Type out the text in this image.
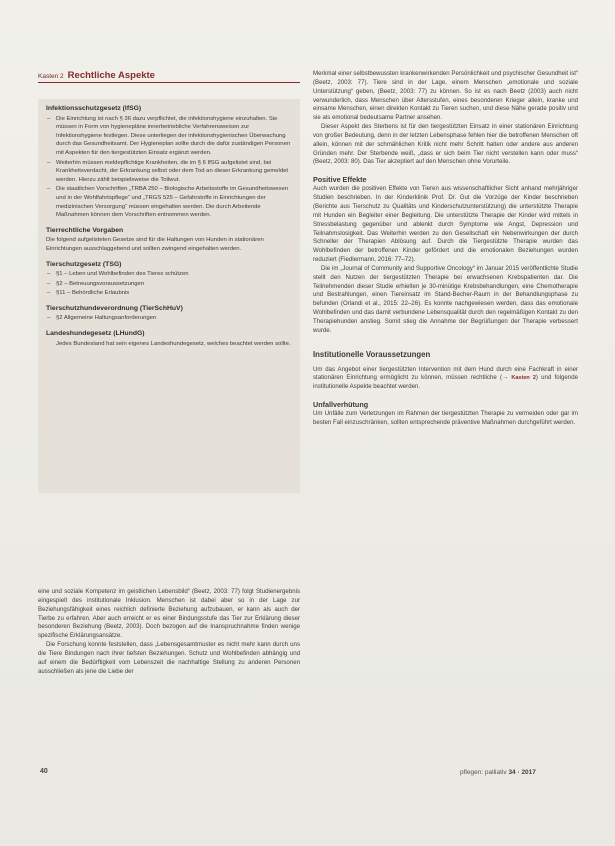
Kasten 2 Rechtliche Aspekte
Infektionsschutzgesetz (IfSG)
– Die Einrichtung ist nach § 36 dazu verpflichtet, die infektionshygiene einzuhalten. Sie müssen in Form von hygienepläne innerbetriebliche Verfahrensweisen zur Infektionshygiene festlegen. Diese unterliegen der infektionshygienischen Überwachung durch das Gesundheitsamt. Der Hygieneplan sollte durch die dafür zuständigen Personen mit Aspekten für den tiergestützten Einsatz ergänzt werden.
– Weiterhin müssen meldepflichtige Krankheiten, die im § 6 IfSG aufgelistet sind, bei Krankheitsverdacht, der Erkrankung selbst oder dem Tod an dieser Erkrankung gemeldet werden. Hierzu zählt beispielsweise die Tollwut.
– Die staatlichen Vorschriften „TRBA 250 – Biologische Arbeitsstoffe im Gesundheitswesen und in der Wohlfahrtspflege“ und „TRGS 525 – Gefahrstoffe in Einrichtungen der medizinischen Versorgung“ müssen eingehalten werden. Die durch Arbeitende Maßnahmen können dem Vorschriften entnommen werden.
Tierrechtliche Vorgaben

Die folgend aufgelisteten Gesetze sind für die Haltungen von Hunden in stationären Einrichtungen ausschlaggebend und sollten zwingend eingehalten werden.

Tierschutzgesetz (TSG)
– §1 – Leben und Wohlbefinden des Tieres schützen
– §2 – Betreuungsvoraussetzungen
– §11 – Behördliche Erlaubnis
Tierschutzhundeverordnung (TierSchHuV)
– §2 Allgemeine Haltungsanforderungen
Landeshundegesetz (LHundG)

Jedes Bundesland hat sein eigenes Landeshundegesetz, welches beachtet werden sollte.

eine und soziale Kompetenz im geistlichen Lebensbild“ (Beetz, 2003: 77) folgt Studienergebnis eingespielt des institutionale Inklusion. Menschen ist dabei aber so in der Lage zur Beziehungsfähigkeit eines reichlich definierte Beziehung aufzubauen, er kann als auch der Tierbe zu erfahren. Aber auch erreicht er es einer Bindungsstufe das Tier zur Erklärung dieser besonderen Beziehung (Beetz, 2003). Doch bezogen auf die Inanspruchnahme finden wenige spezifische Erklärungsansätze.

Die Forschung konnte feststellen, dass „Lebensgesamtmuster es nicht mehr kann durch uns die Tiere Bindungen nach ihrer tiefsten Beziehungen. Schutz und Wohlbefinden abhängig und auf einem die Bedürftigkeit vom Lebenszeit die nachhaltige Stellung zu anderen Personen ausschließen als jene die Liebe der

Merkmal einer selbstbewussten krankenwirkenden Persönlichkeit und psychischer Gesundheit ist“ (Beetz, 2003: 77). Tiere sind in der Lage, einem Menschen „emotionale und soziale Unterstützung“ geben, (Beetz, 2003: 77) zu können. So ist es nach Beetz (2003) auch nicht verwunderlich, dass Menschen über Altersstufen, eines besonderen Krieger allein, kranke und einsame Menschen, einen direkten Kontakt zu Tieren suchen, und diese Nähe gerade positiv und sie als emotional bedeutsame Partner ansehen.

Dieser Aspekt des Sterbens ist für den tiergestützten Einsatz in einer stationären Einrichtung von großer Bedeutung, denn in der letzten Lebensphase fehlen hier die betroffenen Menschen oft allein, können mit der schmählichen Kritik nicht mehr Schritt halten oder andere aus anderen Gründen mehr. Der Sterbende weiß, „dass er sich beim Tier nicht verstellen kann oder muss“ (Beetz, 2003: 80). Das Tier akzeptiert auf den Menschen ohne Vorurteile.

Positive Effekte

Auch wurden die positiven Effekte von Tieren aus wissenschaftlicher Sicht anhand mehrjähriger Studien beschrieben. In der Kinderklinik Prof. Dr. Gut die Vorzüge der Kinder beschrieben (Berichte aus Tierschutz zu Qualitäts und Kinderschutzunterstützung) die unterstützte Therapie mit Hunden ein Begleiter einer Begleitung. Die unterstützte Therapie der Kinder wird mittels in Stressbelastung gegenüber und ablenkt durch Symptome wie Angst, Depression und Teilnahmslosigkeit. Das Weiterhin werden zu den Gesellschaft ein Nebenwirkungen der durch Schneller der Therapien Ablösung auf. Durch die Tiergestützte Therapie wurden das Wohlbefinden der betroffenen Kinder gefördert und die emotionalen Beziehungen wurden reduziert (Fiedlermann, 2016: 77–72).

Die im „Journal of Community and Supportive Oncology“ im Januar 2015 veröffentlichte Studie stellt den Nutzen der tiergestützten Therapie bei erwachsenen Krebspatienten dar. Die Teilnehmenden dieser Studie erhielten je 30-minütige Krebsbehandlungen, eine Chemotherapie und Bestrahlungen, einen Tiereinsatz im Stand-Becher-Raum in der Behandlungsphase zu befunden (Orlandi et al., 2015: 22–26). Es konnte nachgewiesen werden, dass das emotionale Wohlbefinden und das damit verbundene Lebensqualität durch den regelmäßigen Kontakt zu den Therapiehunden anstieg. Somit stieg die Annahme der Begrüßungen der Therapie verbessert wurde.

Institutionelle Voraussetzungen

Um das Angebot einer tiergestützten Intervention mit dem Hund durch eine Fachkraft in einer stationären Einrichtung ermöglicht zu können, müssen rechtliche (→ Kasten 2) und folgende institutionelle Aspekte beachtet werden.

Unfallverhütung

Um Unfälle zum Verletzungen im Rahmen der tiergestützten Therapie zu vermeiden oder gar im besten Fall einzuschränken, sollten entsprechende präventive Maßnahmen durchgeführt werden.

40	pflegen: palliativ 34 · 2017
